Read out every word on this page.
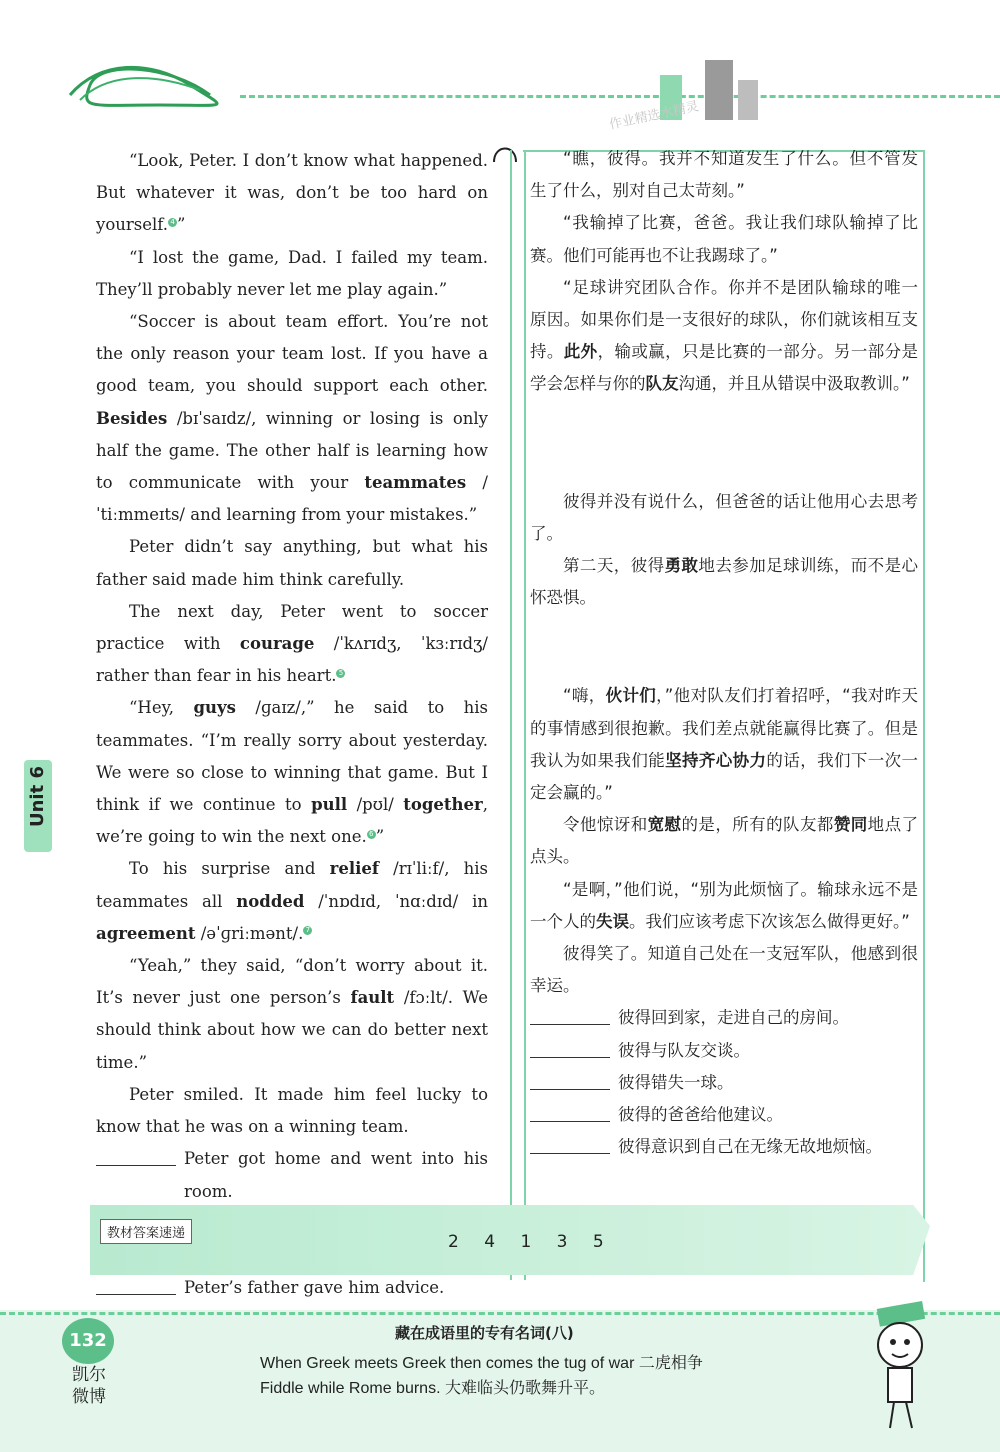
作业精选水精灵

“Look, Peter. I don’t know what happened. But whatever it was, don’t be too hard on yourself. 4 ”

“I lost the game, Dad. I failed my team. They’ll probably never let me play again.”

“Soccer is about team effort. You’re not the only reason your team lost. If you have a good team, you should support each other. Besides /bɪˈsaɪdz/, winning or losing is only half the game. The other half is learning how to communicate with your teammates /ˈtiːmmeɪts/ and learning from your mistakes.”

Peter didn’t say anything, but what his father said made him think carefully.

The next day, Peter went to soccer practice with courage /ˈkʌrɪdʒ, ˈkɜːrɪdʒ/ rather than fear in his heart. 5

“Hey, guys /ɡaɪz/,” he said to his teammates. “I’m really sorry about yesterday. We were so close to winning that game. But I think if we continue to pull /pʊl/ together, we’re going to win the next one. 6 ”

To his surprise and relief /rɪˈliːf/, his teammates all nodded /ˈnɒdɪd, ˈnɑːdɪd/ in agreement /əˈɡriːmənt/. 7

“Yeah,” they said, “don’t worry about it. It’s never just one person’s fault /fɔːlt/. We should think about how we can do better next time.”

Peter smiled. It made him feel lucky to know that he was on a winning team.

Peter got home and went into his room.
Peter’s father gave him advice.

“瞧，彼得。我并不知道发生了什么。但不管发生了什么，别对自己太苛刻。”

“我输掉了比赛，爸爸。我让我们球队输掉了比赛。他们可能再也不让我踢球了。”

“足球讲究团队合作。你并不是团队输球的唯一原因。如果你们是一支很好的球队，你们就该相互支持。此外，输或赢，只是比赛的一部分。另一部分是学会怎样与你的队友沟通，并且从错误中汲取教训。”

彼得并没有说什么，但爸爸的话让他用心去思考了。

第二天，彼得勇敢地去参加足球训练，而不是心怀恐惧。

“嗨，伙计们，”他对队友们打着招呼，“我对昨天的事情感到很抱歉。我们差点就能赢得比赛了。但是我认为如果我们能坚持齐心协力的话，我们下一次一定会赢的。”

令他惊讶和宽慰的是，所有的队友都赞同地点了点头。

“是啊，”他们说，“别为此烦恼了。输球永远不是一个人的失误。我们应该考虑下次该怎么做得更好。”

彼得笑了。知道自己处在一支冠军队，他感到很幸运。

彼得回到家，走进自己的房间。
彼得与队友交谈。
彼得错失一球。
彼得的爸爸给他建议。
彼得意识到自己在无缘无故地烦恼。
Unit 6
教材答案速递	2 4 1 3 5
132
凯尔微博
藏在成语里的专有名词(八)
When Greek meets Greek then comes the tug of war 二虎相争
Fiddle while Rome burns. 大难临头仍歌舞升平。
